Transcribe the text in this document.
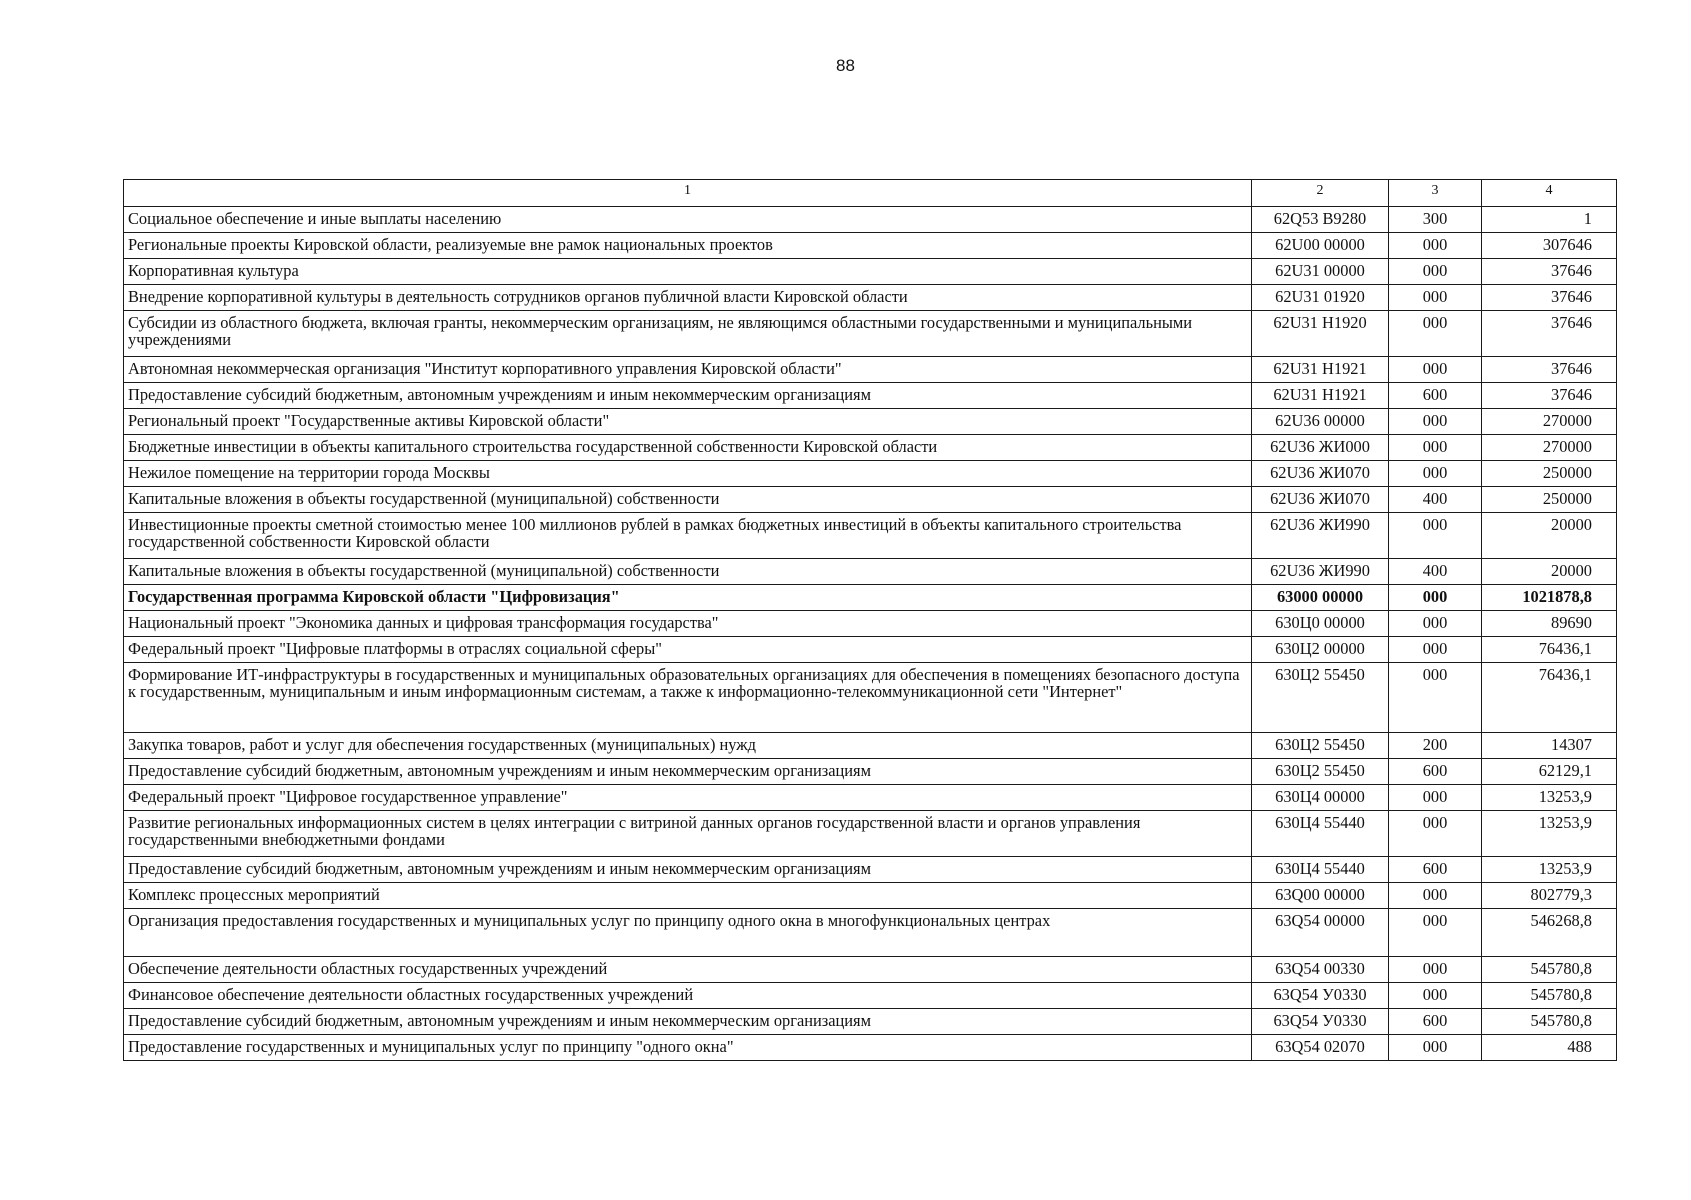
88
1	2	3	4
Социальное обеспечение и иные выплаты населению	62Q53 В9280	300	1
Региональные проекты Кировской области, реализуемые вне рамок национальных проектов	62U00 00000	000	307646
Корпоративная культура	62U31 00000	000	37646
Внедрение корпоративной культуры в деятельность сотрудников органов публичной власти Кировской области	62U31 01920	000	37646
Субсидии из областного бюджета, включая гранты, некоммерческим организациям, не являющимся областными государственными и муниципальными учреждениями	62U31 Н1920	000	37646
Автономная некоммерческая организация "Институт корпоративного управления Кировской области"	62U31 Н1921	000	37646
Предоставление субсидий бюджетным, автономным учреждениям и иным некоммерческим организациям	62U31 Н1921	600	37646
Региональный проект "Государственные активы Кировской области"	62U36 00000	000	270000
Бюджетные инвестиции в объекты капитального строительства государственной собственности Кировской области	62U36 ЖИ000	000	270000
Нежилое помещение на территории города Москвы	62U36 ЖИ070	000	250000
Капитальные вложения в объекты государственной (муниципальной) собственности	62U36 ЖИ070	400	250000
Инвестиционные проекты сметной стоимостью менее 100 миллионов рублей в рамках бюджетных инвестиций в объекты капитального строительства государственной собственности Кировской области	62U36 ЖИ990	000	20000
Капитальные вложения в объекты государственной (муниципальной) собственности	62U36 ЖИ990	400	20000
Государственная программа Кировской области "Цифровизация"	63000 00000	000	1021878,8
Национальный проект "Экономика данных и цифровая трансформация государства"	630Ц0 00000	000	89690
Федеральный проект "Цифровые платформы в отраслях социальной сферы"	630Ц2 00000	000	76436,1
Формирование ИТ-инфраструктуры в государственных и муниципальных образовательных организациях для обеспечения в помещениях безопасного доступа к государственным, муниципальным и иным информационным системам, а также к информационно-телекоммуникационной сети "Интернет"	630Ц2 55450	000	76436,1
Закупка товаров, работ и услуг для обеспечения государственных (муниципальных) нужд	630Ц2 55450	200	14307
Предоставление субсидий бюджетным, автономным учреждениям и иным некоммерческим организациям	630Ц2 55450	600	62129,1
Федеральный проект "Цифровое государственное управление"	630Ц4 00000	000	13253,9
Развитие региональных информационных систем в целях интеграции с витриной данных органов государственной власти и органов управления государственными внебюджетными фондами	630Ц4 55440	000	13253,9
Предоставление субсидий бюджетным, автономным учреждениям и иным некоммерческим организациям	630Ц4 55440	600	13253,9
Комплекс процессных мероприятий	63Q00 00000	000	802779,3
Организация предоставления государственных и муниципальных услуг по принципу одного окна в многофункциональных центрах	63Q54 00000	000	546268,8
Обеспечение деятельности областных государственных учреждений	63Q54 00330	000	545780,8
Финансовое обеспечение деятельности областных государственных учреждений	63Q54 У0330	000	545780,8
Предоставление субсидий бюджетным, автономным учреждениям и иным некоммерческим организациям	63Q54 У0330	600	545780,8
Предоставление государственных и муниципальных услуг по принципу "одного окна"	63Q54 02070	000	488
